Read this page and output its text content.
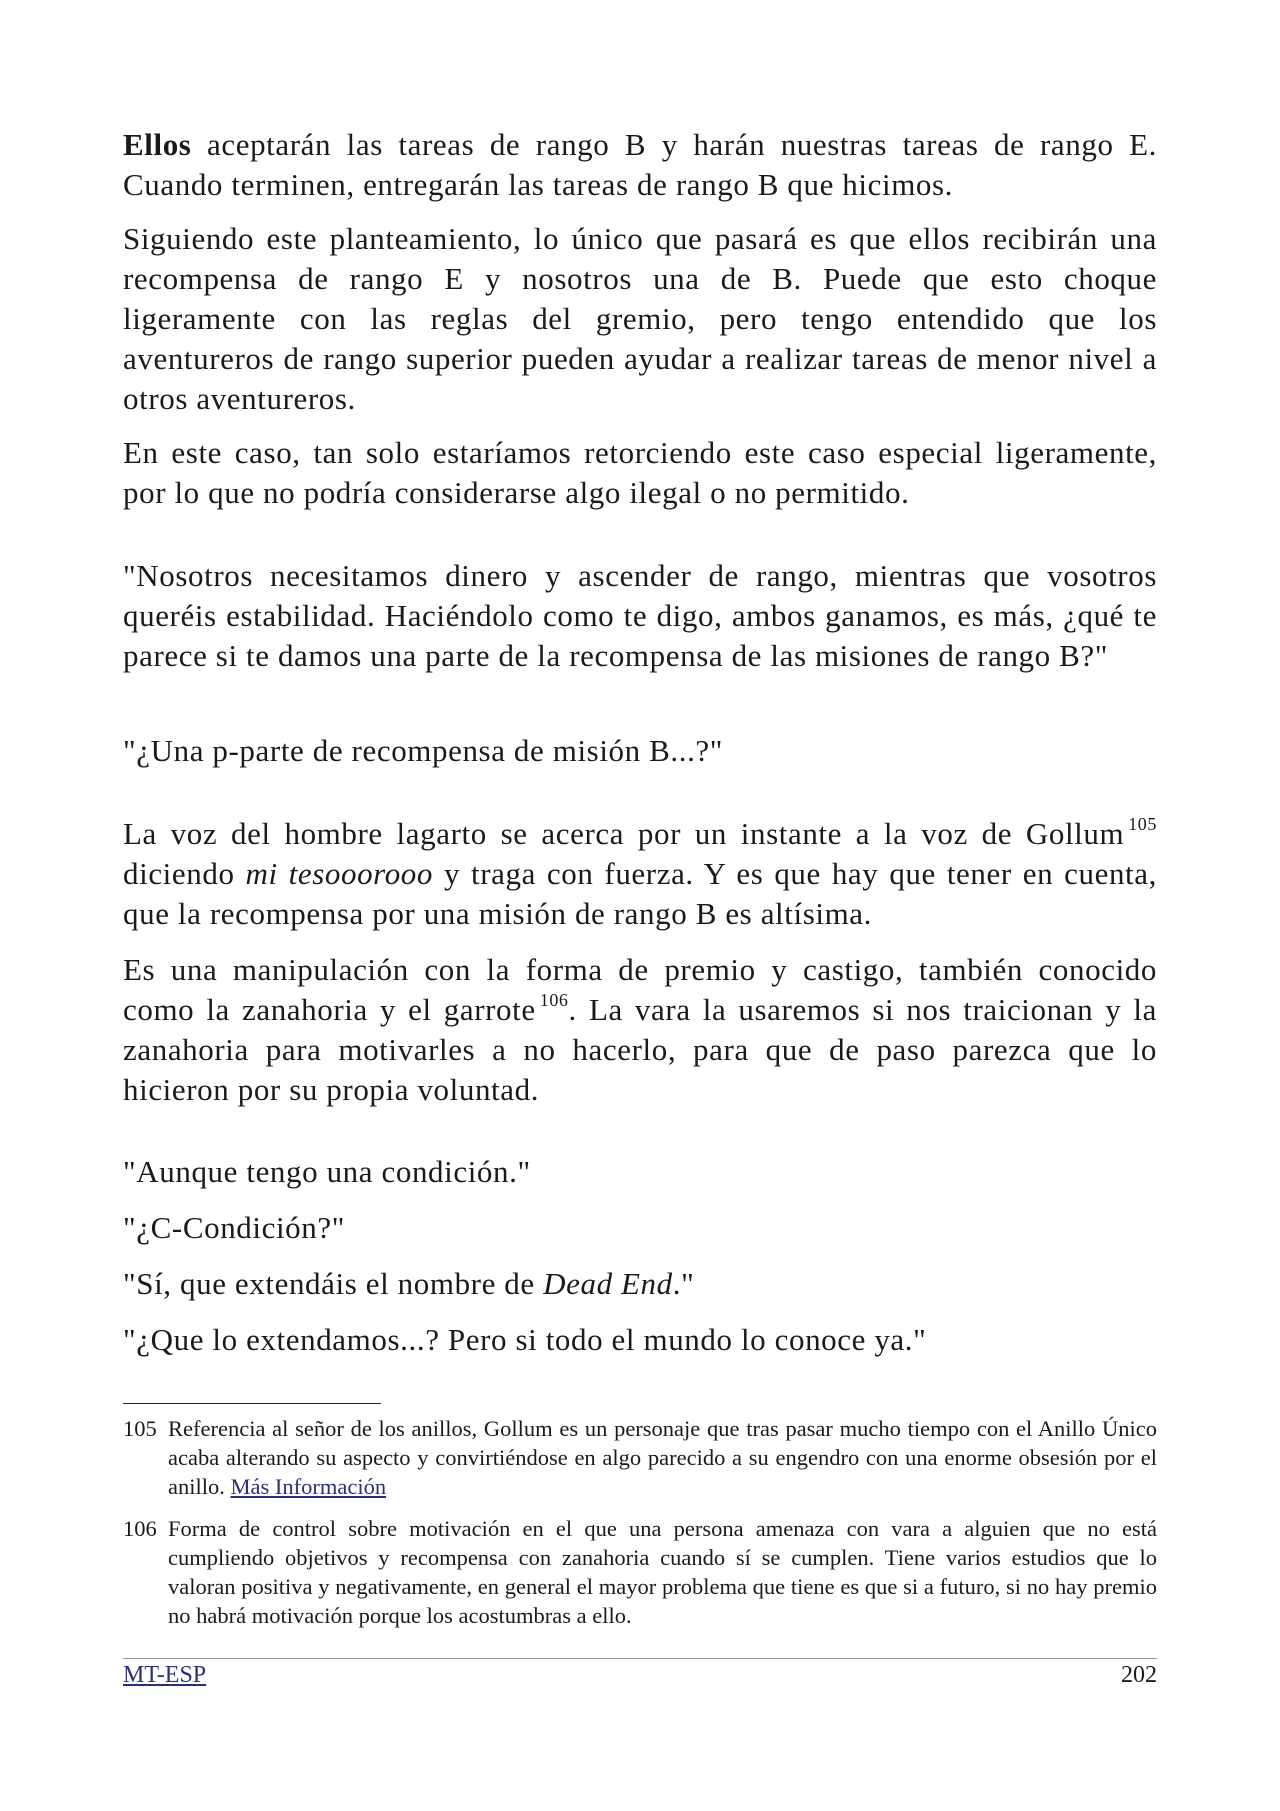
Ellos aceptarán las tareas de rango B y harán nuestras tareas de rango E. Cuando terminen, entregarán las tareas de rango B que hicimos.

Siguiendo este planteamiento, lo único que pasará es que ellos recibirán una recompensa de rango E y nosotros una de B. Puede que esto choque ligeramente con las reglas del gremio, pero tengo entendido que los aventureros de rango superior pueden ayudar a realizar tareas de menor nivel a otros aventureros.

En este caso, tan solo estaríamos retorciendo este caso especial ligeramente, por lo que no podría considerarse algo ilegal o no permitido.

"Nosotros necesitamos dinero y ascender de rango, mientras que vosotros queréis estabilidad. Haciéndolo como te digo, ambos ganamos, es más, ¿qué te parece si te damos una parte de la recompensa de las misiones de rango B?"

"¿Una p-parte de recompensa de misión B...?"

La voz del hombre lagarto se acerca por un instante a la voz de Gollum $^{105}$ diciendo mi tesooorooo y traga con fuerza. Y es que hay que tener en cuenta, que la recompensa por una misión de rango B es altísima.

Es una manipulación con la forma de premio y castigo, también conocido como la zanahoria y el garrote $^{106}$. La vara la usaremos si nos traicionan y la zanahoria para motivarles a no hacerlo, para que de paso parezca que lo hicieron por su propia voluntad.

"Aunque tengo una condición."

"¿C-Condición?"

"Sí, que extendáis el nombre de Dead End."

"¿Que lo extendamos...? Pero si todo el mundo lo conoce ya."

105 Referencia al señor de los anillos, Gollum es un personaje que tras pasar mucho tiempo con el Anillo Único acaba alterando su aspecto y convirtiéndose en algo parecido a su engendro con una enorme obsesión por el anillo. Más Información
106 Forma de control sobre motivación en el que una persona amenaza con vara a alguien que no está cumpliendo objetivos y recompensa con zanahoria cuando sí se cumplen. Tiene varios estudios que lo valoran positiva y negativamente, en general el mayor problema que tiene es que si a futuro, si no hay premio no habrá motivación porque los acostumbras a ello.
MT-ESP	202
